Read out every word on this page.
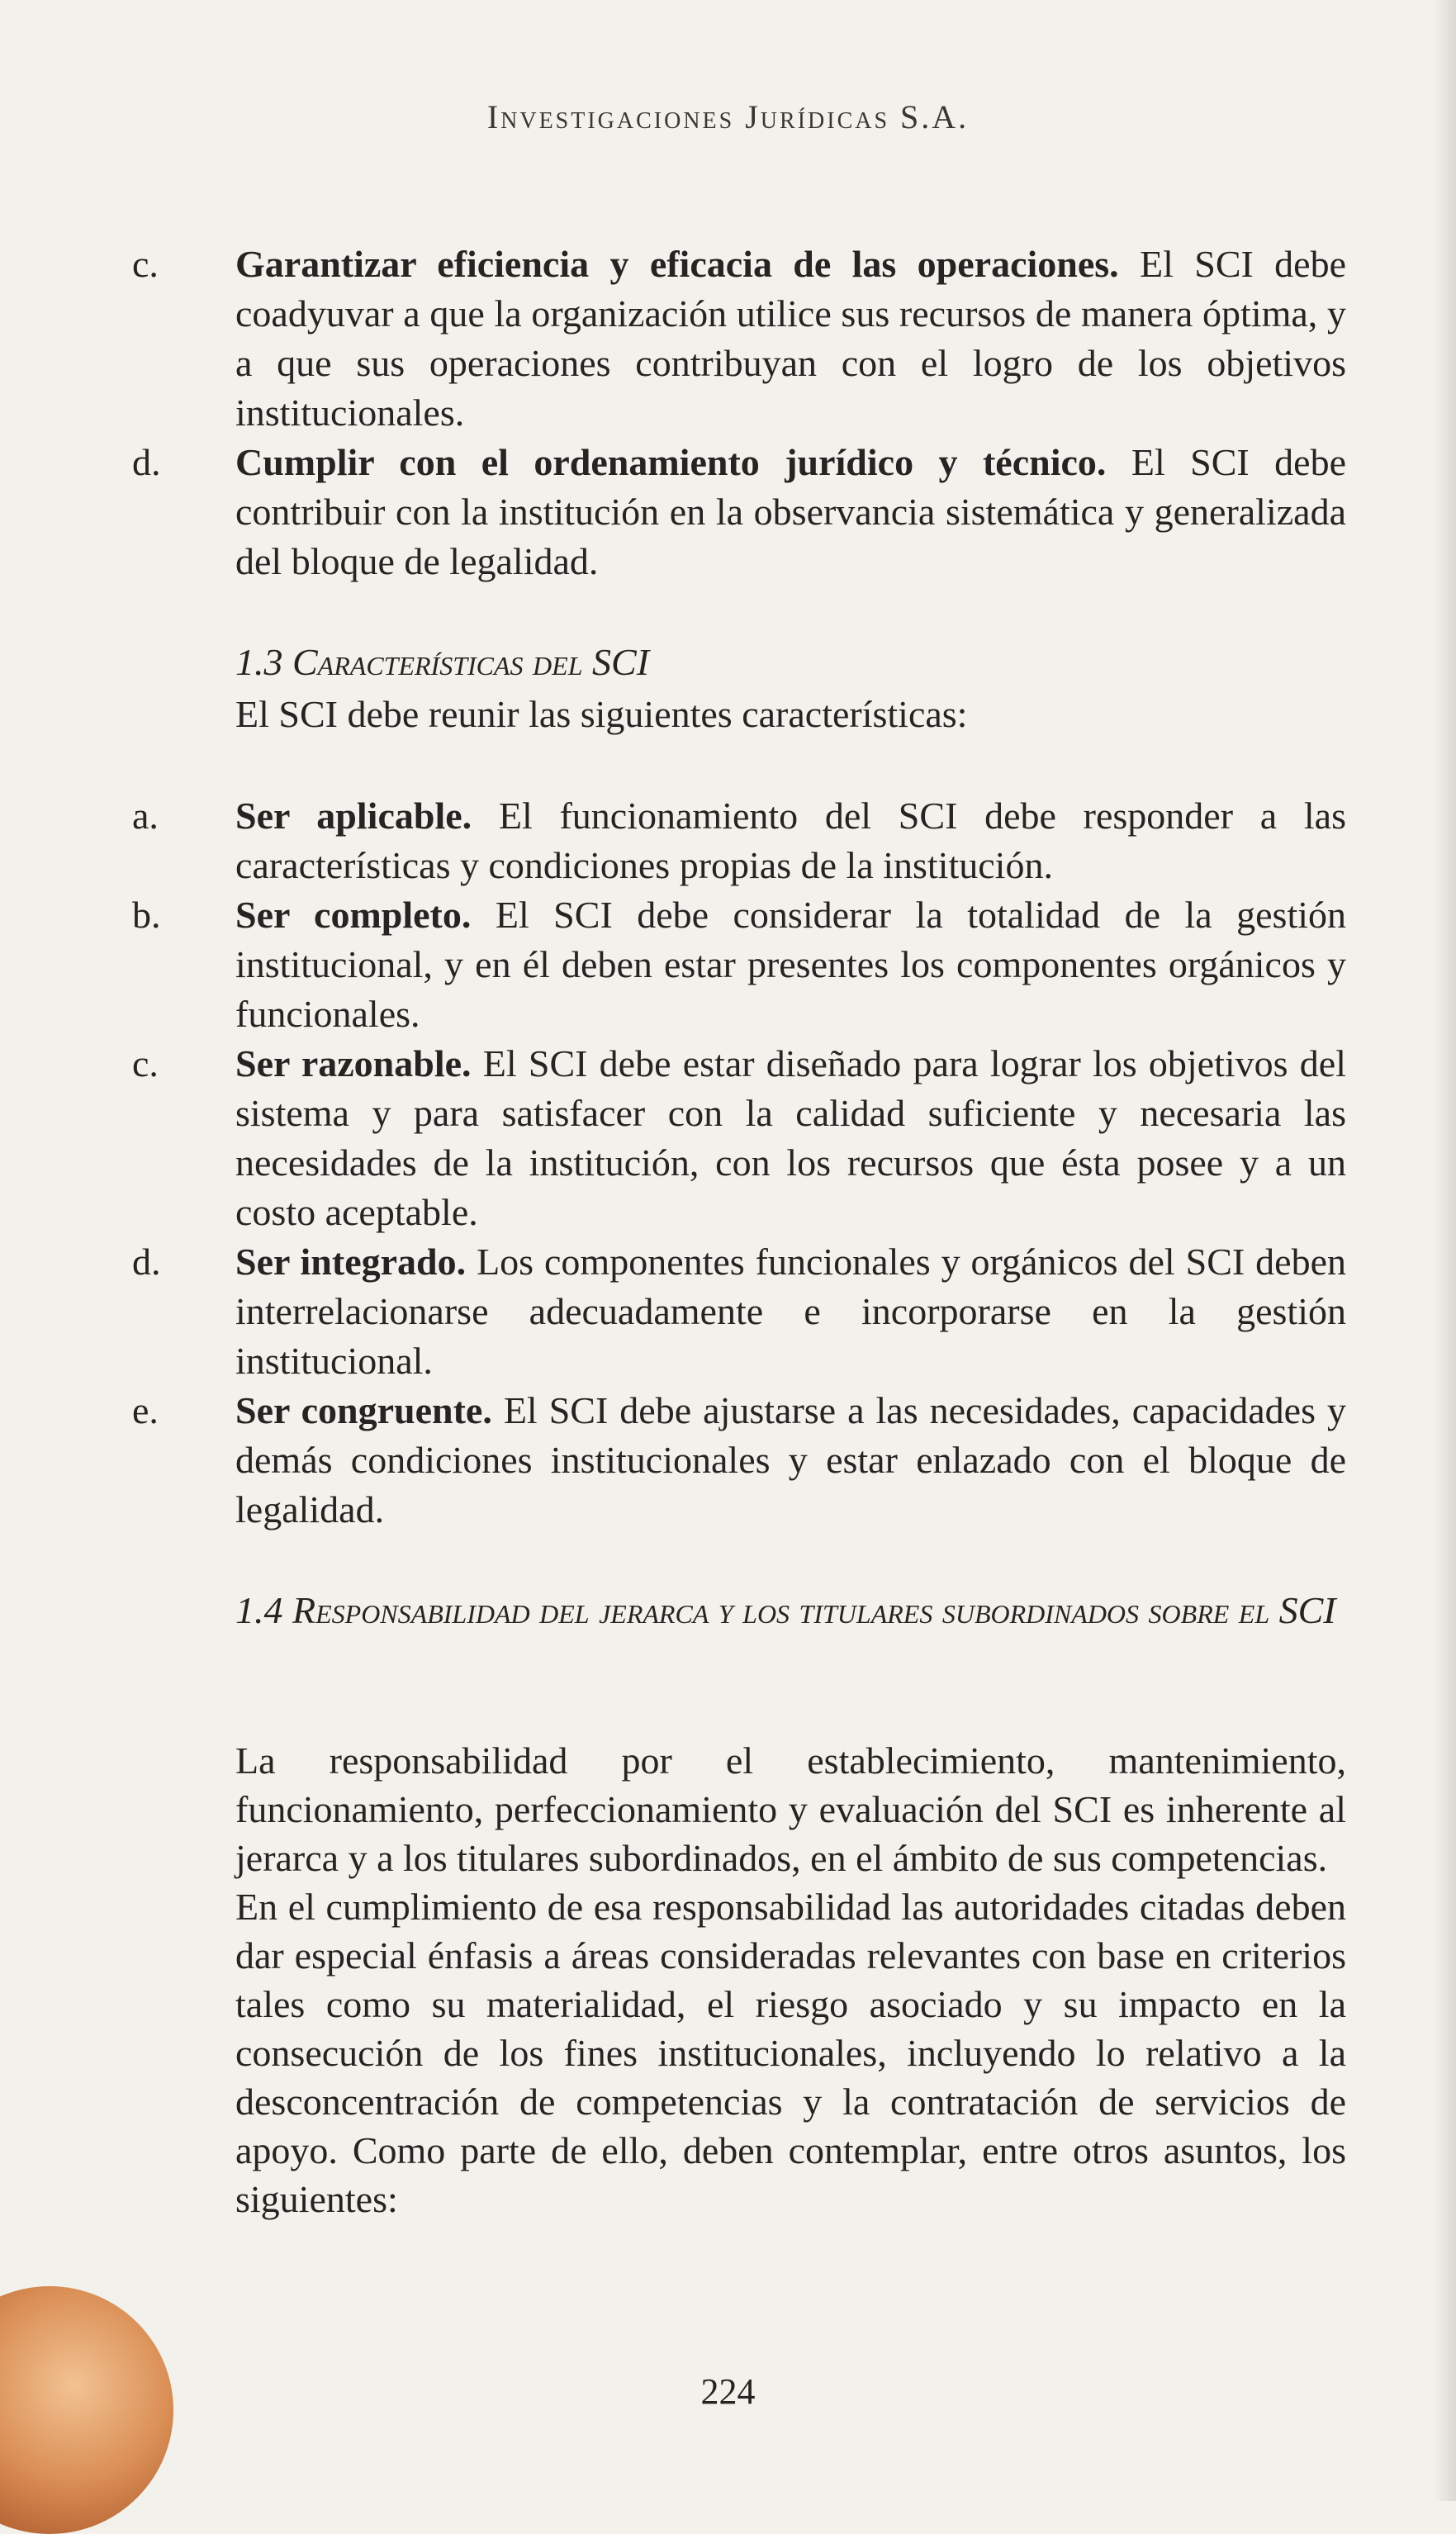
Investigaciones Jurídicas S.A.
c. Garantizar eficiencia y eficacia de las operaciones. El SCI debe coadyuvar a que la organización utilice sus recursos de manera óptima, y a que sus operaciones contribuyan con el logro de los objetivos institucionales.
d. Cumplir con el ordenamiento jurídico y técnico. El SCI debe contribuir con la institución en la observancia sistemática y generalizada del bloque de legalidad.
1.3 Características del SCI
El SCI debe reunir las siguientes características:
a. Ser aplicable. El funcionamiento del SCI debe responder a las características y condiciones propias de la institución.
b. Ser completo. El SCI debe considerar la totalidad de la gestión institucional, y en él deben estar presentes los componentes orgánicos y funcionales.
c. Ser razonable. El SCI debe estar diseñado para lograr los objetivos del sistema y para satisfacer con la calidad suficiente y necesaria las necesidades de la institución, con los recursos que ésta posee y a un costo aceptable.
d. Ser integrado. Los componentes funcionales y orgánicos del SCI deben interrelacionarse adecuadamente e incorporarse en la gestión institucional.
e. Ser congruente. El SCI debe ajustarse a las necesidades, capacidades y demás condiciones institucionales y estar enlazado con el bloque de legalidad.
1.4 Responsabilidad del jerarca y los titulares subordinados sobre el SCI

La responsabilidad por el establecimiento, mantenimiento, funcionamiento, perfeccionamiento y evaluación del SCI es inherente al jerarca y a los titulares subordinados, en el ámbito de sus competencias.

En el cumplimiento de esa responsabilidad las autoridades citadas deben dar especial énfasis a áreas consideradas relevantes con base en criterios tales como su materialidad, el riesgo asociado y su impacto en la consecución de los fines institucionales, incluyendo lo relativo a la desconcentración de competencias y la contratación de servicios de apoyo. Como parte de ello, deben contemplar, entre otros asuntos, los siguientes:

224
